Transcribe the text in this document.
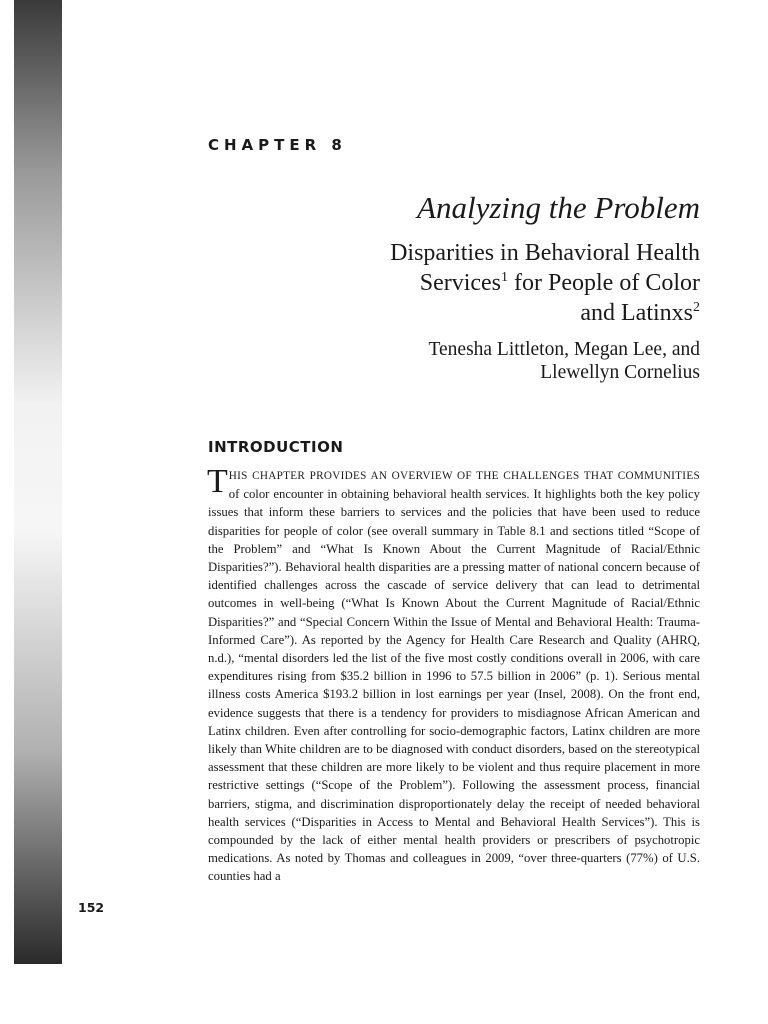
CHAPTER 8
Analyzing the Problem
Disparities in Behavioral Health
Services$^1$ for People of Color
and Latinxs$^2$
Tenesha Littleton, Megan Lee, and
Llewellyn Cornelius
INTRODUCTION
THIS CHAPTER PROVIDES AN OVERVIEW OF THE CHALLENGES THAT COMMUNITIES of color encounter in obtaining behavioral health services. It highlights both the key policy issues that inform these barriers to services and the policies that have been used to reduce disparities for people of color (see overall summary in Table 8.1 and sections titled “Scope of the Problem” and “What Is Known About the Current Magnitude of Racial/Ethnic Disparities?”). Behavioral health disparities are a pressing matter of national concern because of identified challenges across the cascade of service delivery that can lead to detrimental outcomes in well-being (“What Is Known About the Current Magnitude of Racial/Ethnic Disparities?” and “Special Concern Within the Issue of Mental and Behavioral Health: Trauma-Informed Care”). As reported by the Agency for Health Care Research and Quality (AHRQ, n.d.), “mental disorders led the list of the five most costly conditions overall in 2006, with care expenditures rising from $35.2 billion in 1996 to 57.5 billion in 2006” (p. 1). Serious mental illness costs America $193.2 billion in lost earnings per year (Insel, 2008). On the front end, evidence suggests that there is a tendency for providers to misdiagnose African American and Latinx children. Even after controlling for socio-demographic factors, Latinx children are more likely than White children are to be diagnosed with conduct disorders, based on the stereotypical assessment that these children are more likely to be violent and thus require placement in more restrictive settings (“Scope of the Problem”). Following the assessment process, financial barriers, stigma, and discrimination disproportionately delay the receipt of needed behavioral health services (“Disparities in Access to Mental and Behavioral Health Services”). This is compounded by the lack of either mental health providers or prescribers of psychotropic medications. As noted by Thomas and colleagues in 2009, “over three-quarters (77%) of U.S. counties had a
152
